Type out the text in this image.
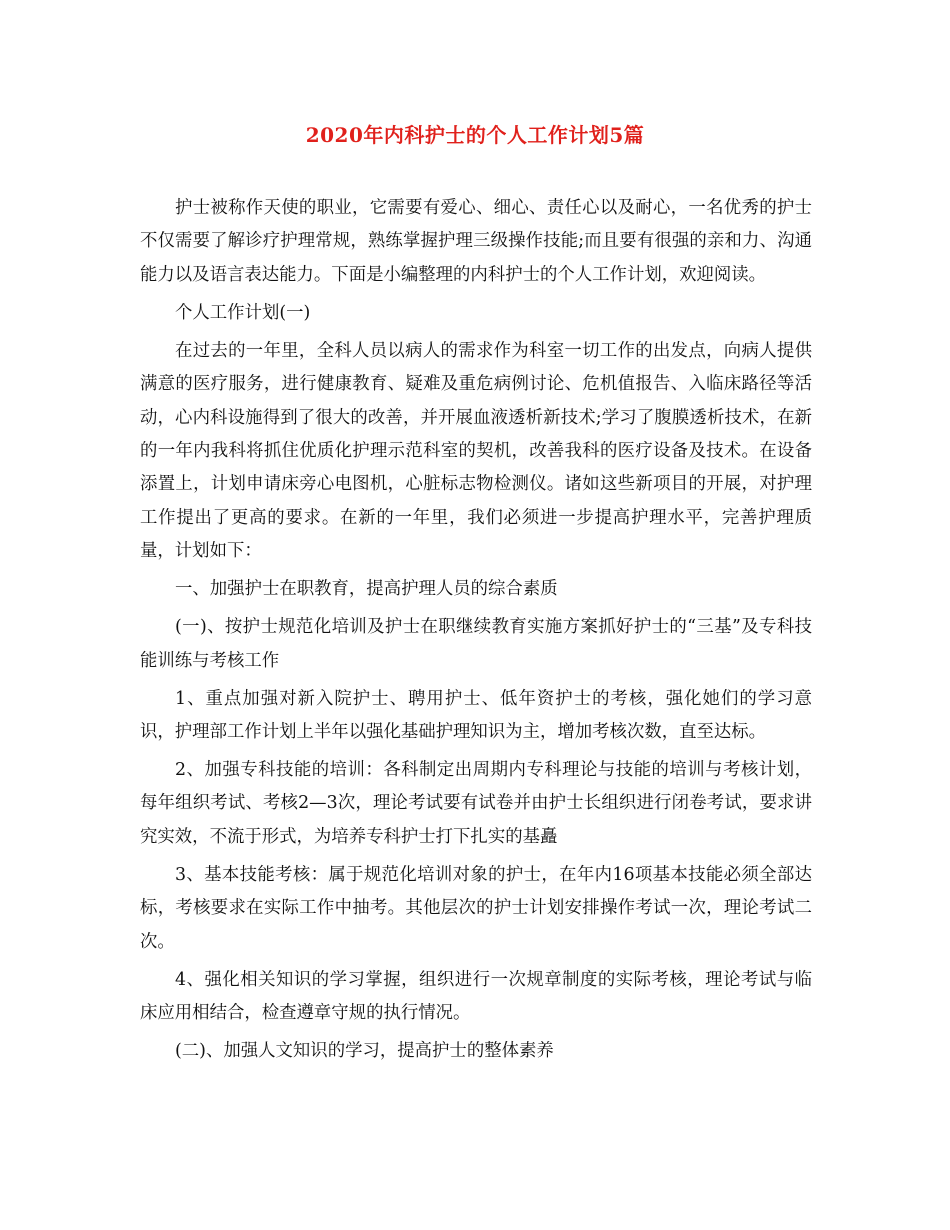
2020年内科护士的个人工作计划5篇

护士被称作天使的职业，它需要有爱心、细心、责任心以及耐心，一名优秀的护士不仅需要了解诊疗护理常规，熟练掌握护理三级操作技能;而且要有很强的亲和力、沟通能力以及语言表达能力。下面是小编整理的内科护士的个人工作计划，欢迎阅读。

个人工作计划(一)

在过去的一年里，全科人员以病人的需求作为科室一切工作的出发点，向病人提供满意的医疗服务，进行健康教育、疑难及重危病例讨论、危机值报告、入临床路径等活动，心内科设施得到了很大的改善，并开展血液透析新技术;学习了腹膜透析技术，在新的一年内我科将抓住优质化护理示范科室的契机，改善我科的医疗设备及技术。在设备添置上，计划申请床旁心电图机，心脏标志物检测仪。诸如这些新项目的开展，对护理工作提出了更高的要求。在新的一年里，我们必须进一步提高护理水平，完善护理质量，计划如下：

一、加强护士在职教育，提高护理人员的综合素质

(一)、按护士规范化培训及护士在职继续教育实施方案抓好护士的“三基”及专科技能训练与考核工作

1、重点加强对新入院护士、聘用护士、低年资护士的考核，强化她们的学习意识，护理部工作计划上半年以强化基础护理知识为主，增加考核次数，直至达标。

2、加强专科技能的培训：各科制定出周期内专科理论与技能的培训与考核计划，每年组织考试、考核2—3次，理论考试要有试卷并由护士长组织进行闭卷考试，要求讲究实效，不流于形式，为培养专科护士打下扎实的基矗

3、基本技能考核：属于规范化培训对象的护士，在年内16项基本技能必须全部达标，考核要求在实际工作中抽考。其他层次的护士计划安排操作考试一次，理论考试二次。

4、强化相关知识的学习掌握，组织进行一次规章制度的实际考核，理论考试与临床应用相结合，检查遵章守规的执行情况。

(二)、加强人文知识的学习，提高护士的整体素养
